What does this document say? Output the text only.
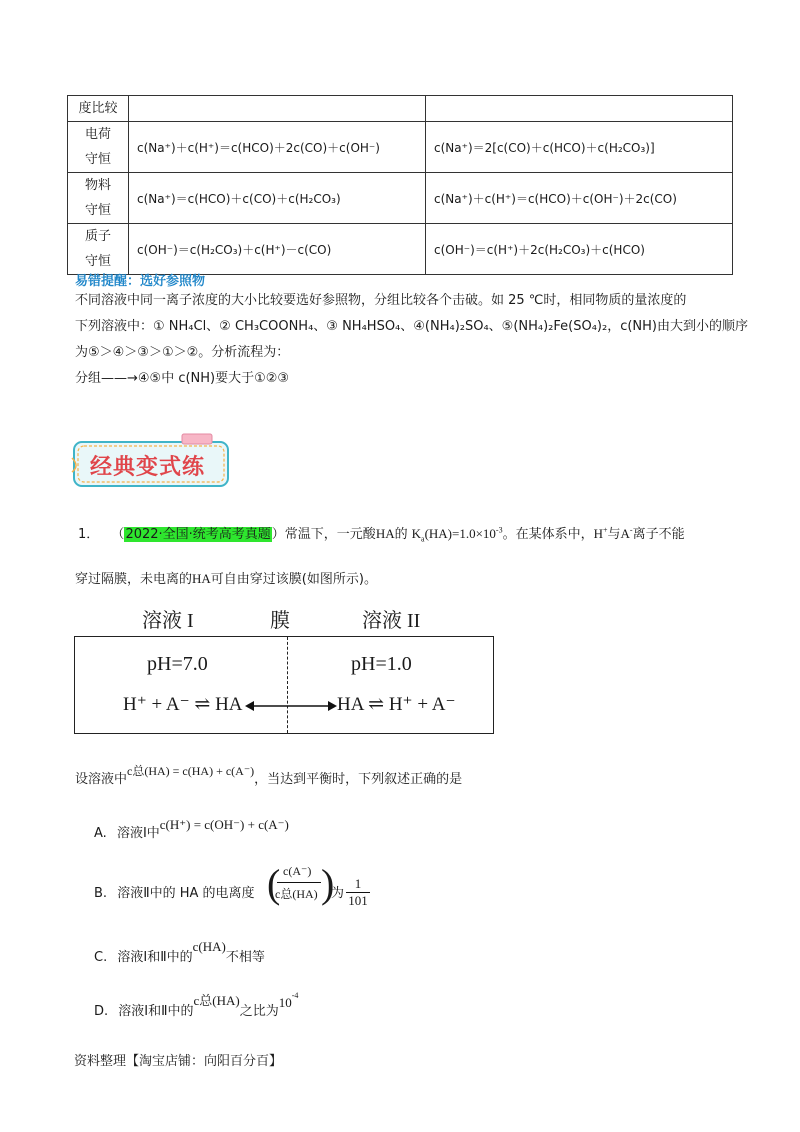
度比较		
电荷
守恒	c(Na⁺)＋c(H⁺)＝c(HCO)＋2c(CO)＋c(OH⁻)	c(Na⁺)＝2[c(CO)＋c(HCO)＋c(H₂CO₃)]
物料
守恒	c(Na⁺)＝c(HCO)＋c(CO)＋c(H₂CO₃)	c(Na⁺)＋c(H⁺)＝c(HCO)＋c(OH⁻)＋2c(CO)
质子
守恒	c(OH⁻)＝c(H₂CO₃)＋c(H⁺)－c(CO)	c(OH⁻)＝c(H⁺)＋2c(H₂CO₃)＋c(HCO)
易错提醒：选好参照物
不同溶液中同一离子浓度的大小比较要选好参照物，分组比较各个击破。如 25 ℃时，相同物质的量浓度的
下列溶液中：① NH₄Cl、② CH₃COONH₄、③ NH₄HSO₄、④(NH₄)₂SO₄、⑤(NH₄)₂Fe(SO₄)₂，c(NH)由大到小的顺序
为⑤＞④＞③＞①＞②。分析流程为：
分组——→④⑤中 c(NH)要大于①②③
经典变式练
1． （2022·全国·统考高考真题）常温下，一元酸HA的 $K_a(HA)=1.0\times 10^{-3}$。在某体系中，H+与A-离子不能
穿过隔膜，未电离的HA可自由穿过该膜(如图所示)。
溶液 I	膜	溶液 II
pH=7.0	pH=1.0
H⁺ + A⁻ ⇌ HA	HA ⇌ H⁺ + A⁻
设溶液中c总(HA) = c(HA) + c(A⁻)，当达到平衡时，下列叙述正确的是
A. 溶液Ⅰ中c(H⁺) = c(OH⁻) + c(A⁻)
B. 溶液Ⅱ中的 HA 的电离度 ( c(A⁻)
c总(HA) )
为 $\frac{1}{101}$
C. 溶液Ⅰ和Ⅱ中的c(HA)不相等
D. 溶液Ⅰ和Ⅱ中的c总(HA)之比为$10^{-4}$
资料整理【淘宝店铺：向阳百分百】
